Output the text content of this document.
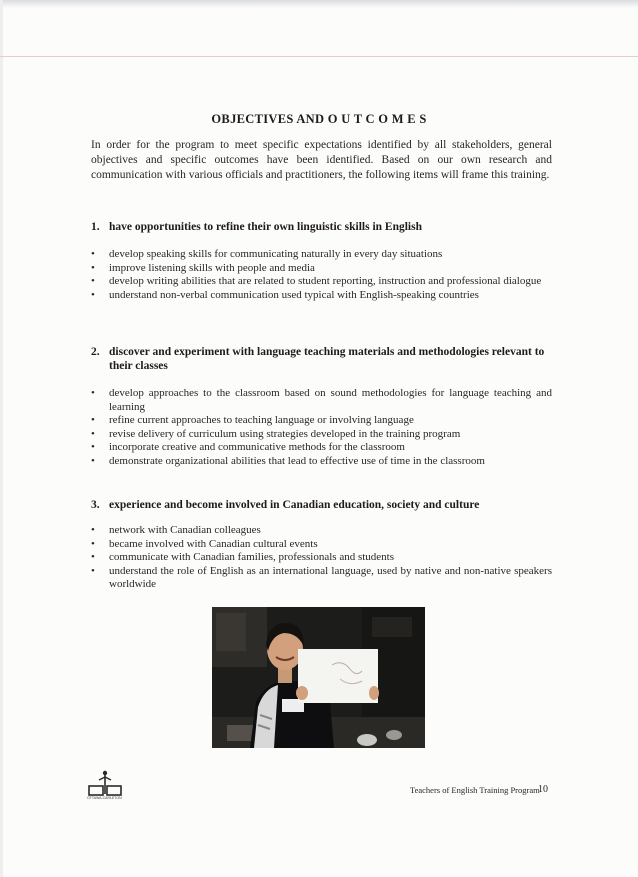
OBJECTIVES AND O U T C O M E S

In order for the program to meet specific expectations identified by all stakeholders, general objectives and specific outcomes have been identified. Based on our own research and communication with various officials and practitioners, the following items will frame this training.

1. have opportunities to refine their own linguistic skills in English
• develop speaking skills for communicating naturally in every day situations
• improve listening skills with people and media
• develop writing abilities that are related to student reporting, instruction and professional dialogue
• understand non-verbal communication used typical with English-speaking countries
2. discover and experiment with language teaching materials and methodologies relevant to their classes
• develop approaches to the classroom based on sound methodologies for language teaching and learning
• refine current approaches to teaching language or involving language
• revise delivery of curriculum using strategies developed in the training program
• incorporate creative and communicative methods for the classroom
• demonstrate organizational abilities that lead to effective use of time in the classroom
3. experience and become involved in Canadian education, society and culture
• network with Canadian colleagues
• became involved with Canadian cultural events
• communicate with Canadian families, professionals and students
• understand the role of English as an international language, used by native and non-native speakers worldwide
OTTAWA-CARLETON
Teachers of English Training Program
10
